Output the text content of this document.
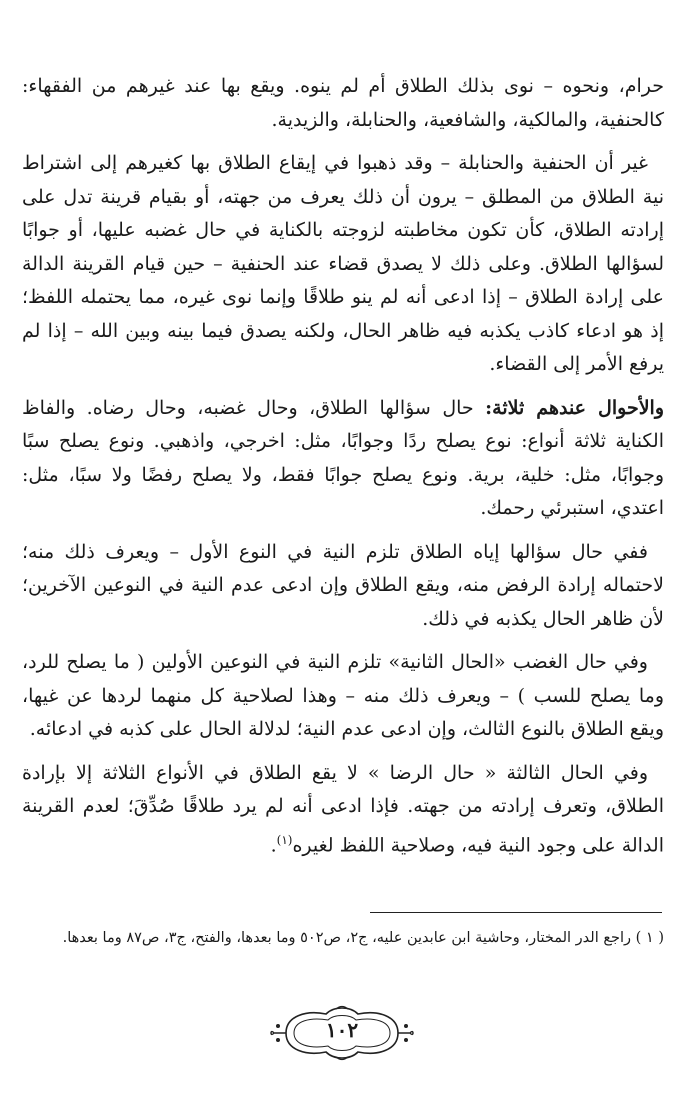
حرام، ونحوه – نوى بذلك الطلاق أم لم ينوه. ويقع بها عند غيرهم من الفقهاء: كالحنفية، والمالكية، والشافعية، والحنابلة، والزيدية.

غير أن الحنفية والحنابلة – وقد ذهبوا في إيقاع الطلاق بها كغيرهم إلى اشتراط نية الطلاق من المطلق – يرون أن ذلك يعرف من جهته، أو بقيام قرينة تدل على إرادته الطلاق، كأن تكون مخاطبته لزوجته بالكناية في حال غضبه عليها، أو جوابًا لسؤالها الطلاق. وعلى ذلك لا يصدق قضاء عند الحنفية – حين قيام القرينة الدالة على إرادة الطلاق – إذا ادعى أنه لم ينو طلاقًا وإنما نوى غيره، مما يحتمله اللفظ؛ إذ هو ادعاء كاذب يكذبه فيه ظاهر الحال، ولكنه يصدق فيما بينه وبين الله – إذا لم يرفع الأمر إلى القضاء.

والأحوال عندهم ثلاثة: حال سؤالها الطلاق، وحال غضبه، وحال رضاه. والفاظ الكناية ثلاثة أنواع: نوع يصلح ردًا وجوابًا، مثل: اخرجي، واذهبي. ونوع يصلح سبًا وجوابًا، مثل: خلية، برية. ونوع يصلح جوابًا فقط، ولا يصلح رفضًا ولا سبًا، مثل: اعتدي، استبرئي رحمك.

ففي حال سؤالها إياه الطلاق تلزم النية في النوع الأول – ويعرف ذلك منه؛ لاحتماله إرادة الرفض منه، ويقع الطلاق وإن ادعى عدم النية في النوعين الآخرين؛ لأن ظاهر الحال يكذبه في ذلك.

وفي حال الغضب «الحال الثانية» تلزم النية في النوعين الأولين ( ما يصلح للرد، وما يصلح للسب ) – ويعرف ذلك منه – وهذا لصلاحية كل منهما لردها عن غيها، ويقع الطلاق بالنوع الثالث، وإن ادعى عدم النية؛ لدلالة الحال على كذبه في ادعائه.

وفي الحال الثالثة « حال الرضا » لا يقع الطلاق في الأنواع الثلاثة إلا بإرادة الطلاق، وتعرف إرادته من جهته. فإذا ادعى أنه لم يرد طلاقًا صُدِّقَ؛ لعدم القرينة الدالة على وجود النية فيه، وصلاحية اللفظ لغيره$^{(١)}$.

( ١ ) راجع الدر المختار، وحاشية ابن عابدين عليه، ج٢، ص٥٠٢ وما بعدها، والفتح، ج٣، ص٨٧ وما بعدها.
١٠٢
